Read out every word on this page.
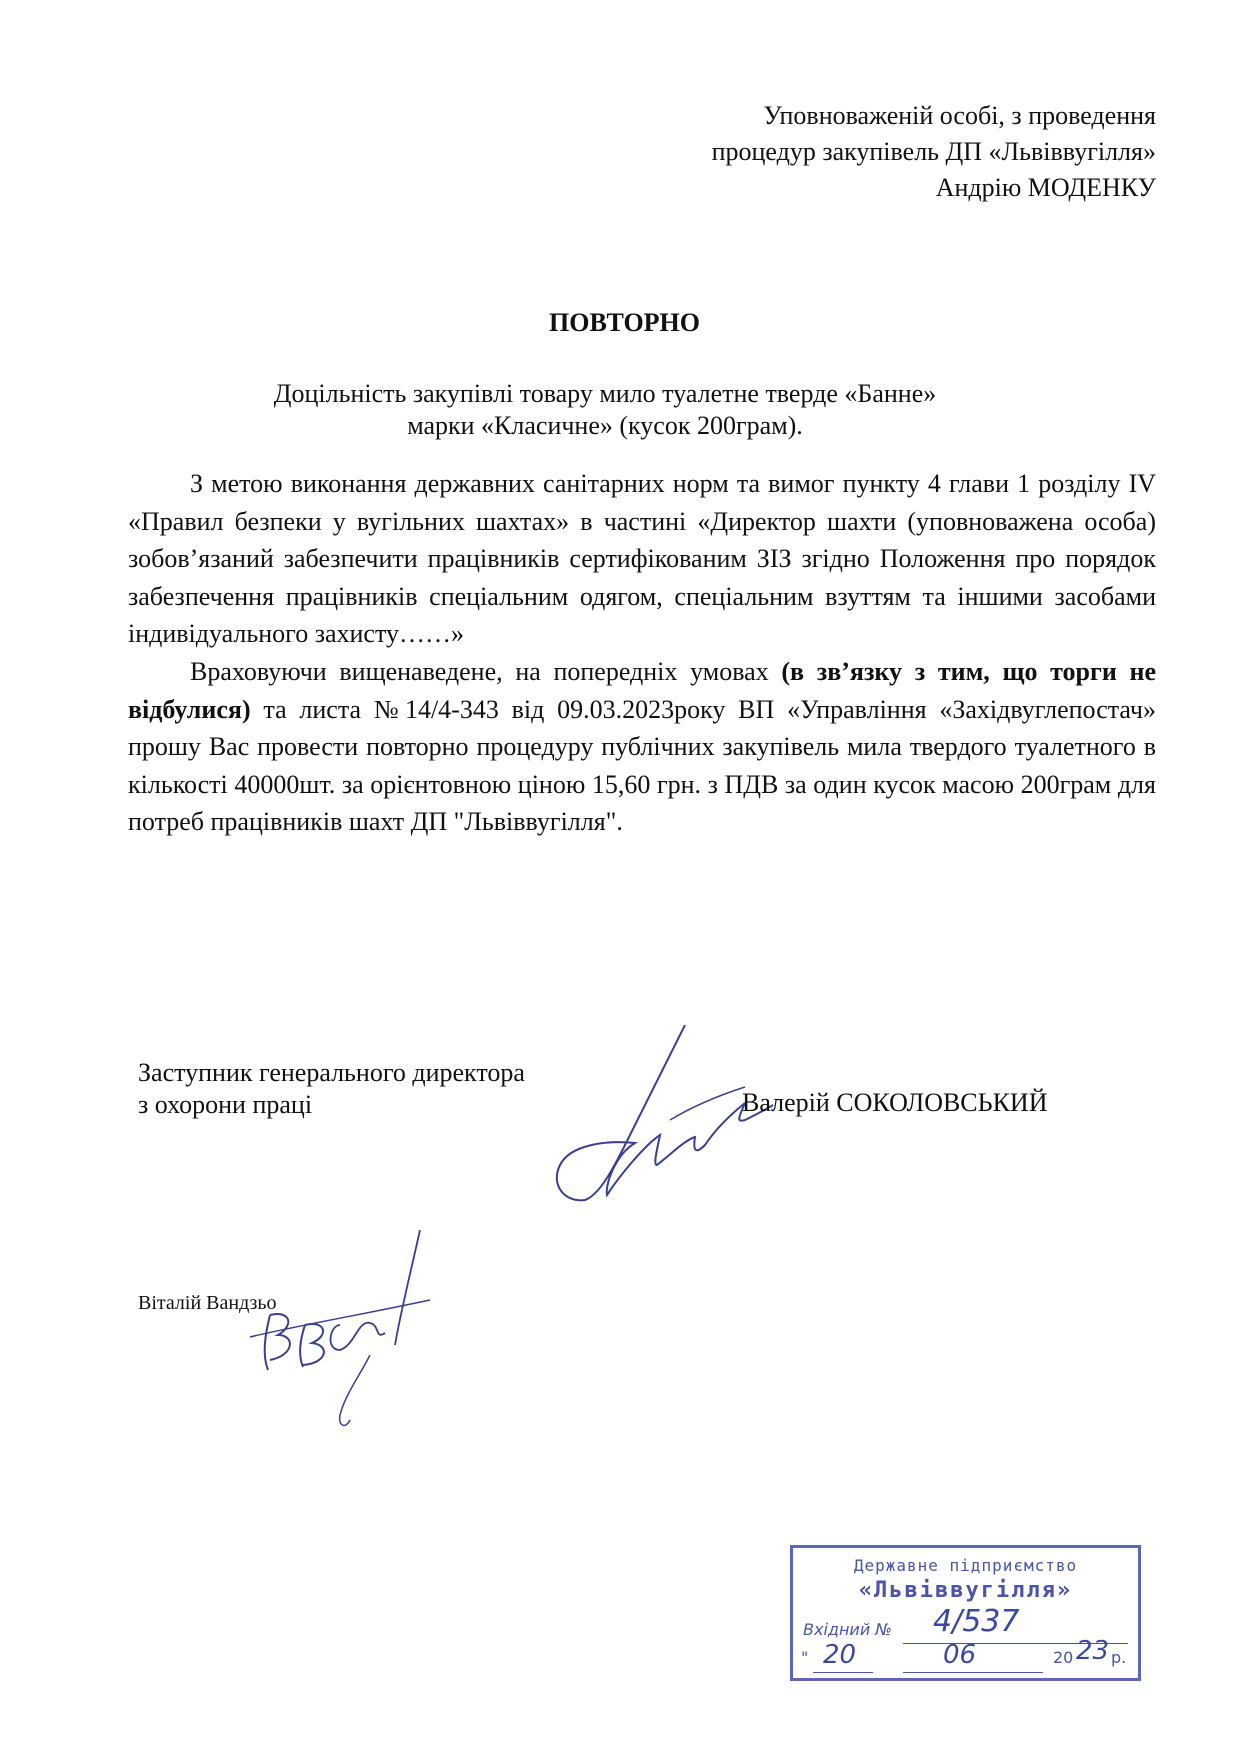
Уповноваженій особі, з проведення
процедур закупівель ДП «Львіввугілля»
Андрію МОДЕНКУ
ПОВТОРНО
Доцільність закупівлі товару мило туалетне тверде «Банне»
марки «Класичне» (кусок 200грам).

З метою виконання державних санітарних норм та вимог пункту 4 глави 1 розділу IV «Правил безпеки у вугільних шахтах» в частині «Директор шахти (уповноважена особа) зобов’язаний забезпечити працівників сертифікованим ЗІЗ згідно Положення про порядок забезпечення працівників спеціальним одягом, спеціальним взуттям та іншими засобами індивідуального захисту……»

Враховуючи вищенаведене, на попередніх умовах (в зв’язку з тим, що торги не відбулися) та листа №14/4-343 від 09.03.2023року ВП «Управління «Західвуглепостач» прошу Вас провести повторно процедуру публічних закупівель мила твердого туалетного в кількості 40000шт. за орієнтовною ціною 15,60 грн. з ПДВ за один кусок масою 200грам для потреб працівників шахт ДП "Львіввугілля".

Заступник генерального директора
з охорони праці	Валерій СОКОЛОВСЬКИЙ
Віталій Вандзьо
Державне підприємство
«Львіввугілля»
Вхідний № 4/537
" 20	06	20 23 р.
